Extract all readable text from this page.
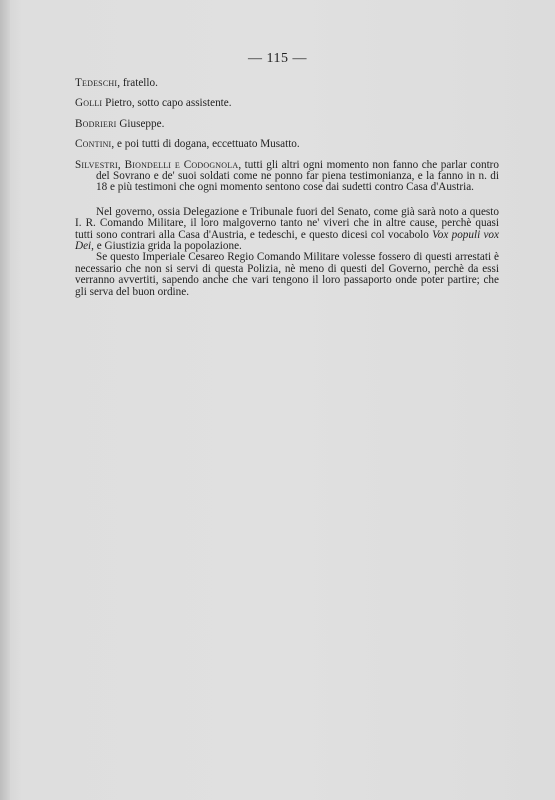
— 115 —

Tedeschi, fratello.

Golli Pietro, sotto capo assistente.

Bodrieri Giuseppe.

Contini, e poi tutti di dogana, eccettuato Musatto.

Silvestri, Biondelli e Codognola, tutti gli altri ogni momento non fanno che parlar contro del Sovrano e de' suoi soldati come ne ponno far piena testimonianza, e la fanno in n. di 18 e più testimoni che ogni momento sentono cose dai sudetti contro Casa d'Austria.

Nel governo, ossia Delegazione e Tribunale fuori del Senato, come già sarà noto a questo I. R. Comando Militare, il loro malgoverno tanto ne' viveri che in altre cause, perchè quasi tutti sono contrari alla Casa d'Austria, e tedeschi, e questo dicesi col vocabolo Vox populi vox Dei, e Giustizia grida la popolazione.

Se questo Imperiale Cesareo Regio Comando Militare volesse fossero di questi arrestati è necessario che non si servi di questa Polizia, nè meno di questi del Governo, perchè da essi verranno avvertiti, sapendo anche che vari tengono il loro passaporto onde poter partire; che gli serva del buon ordine.
